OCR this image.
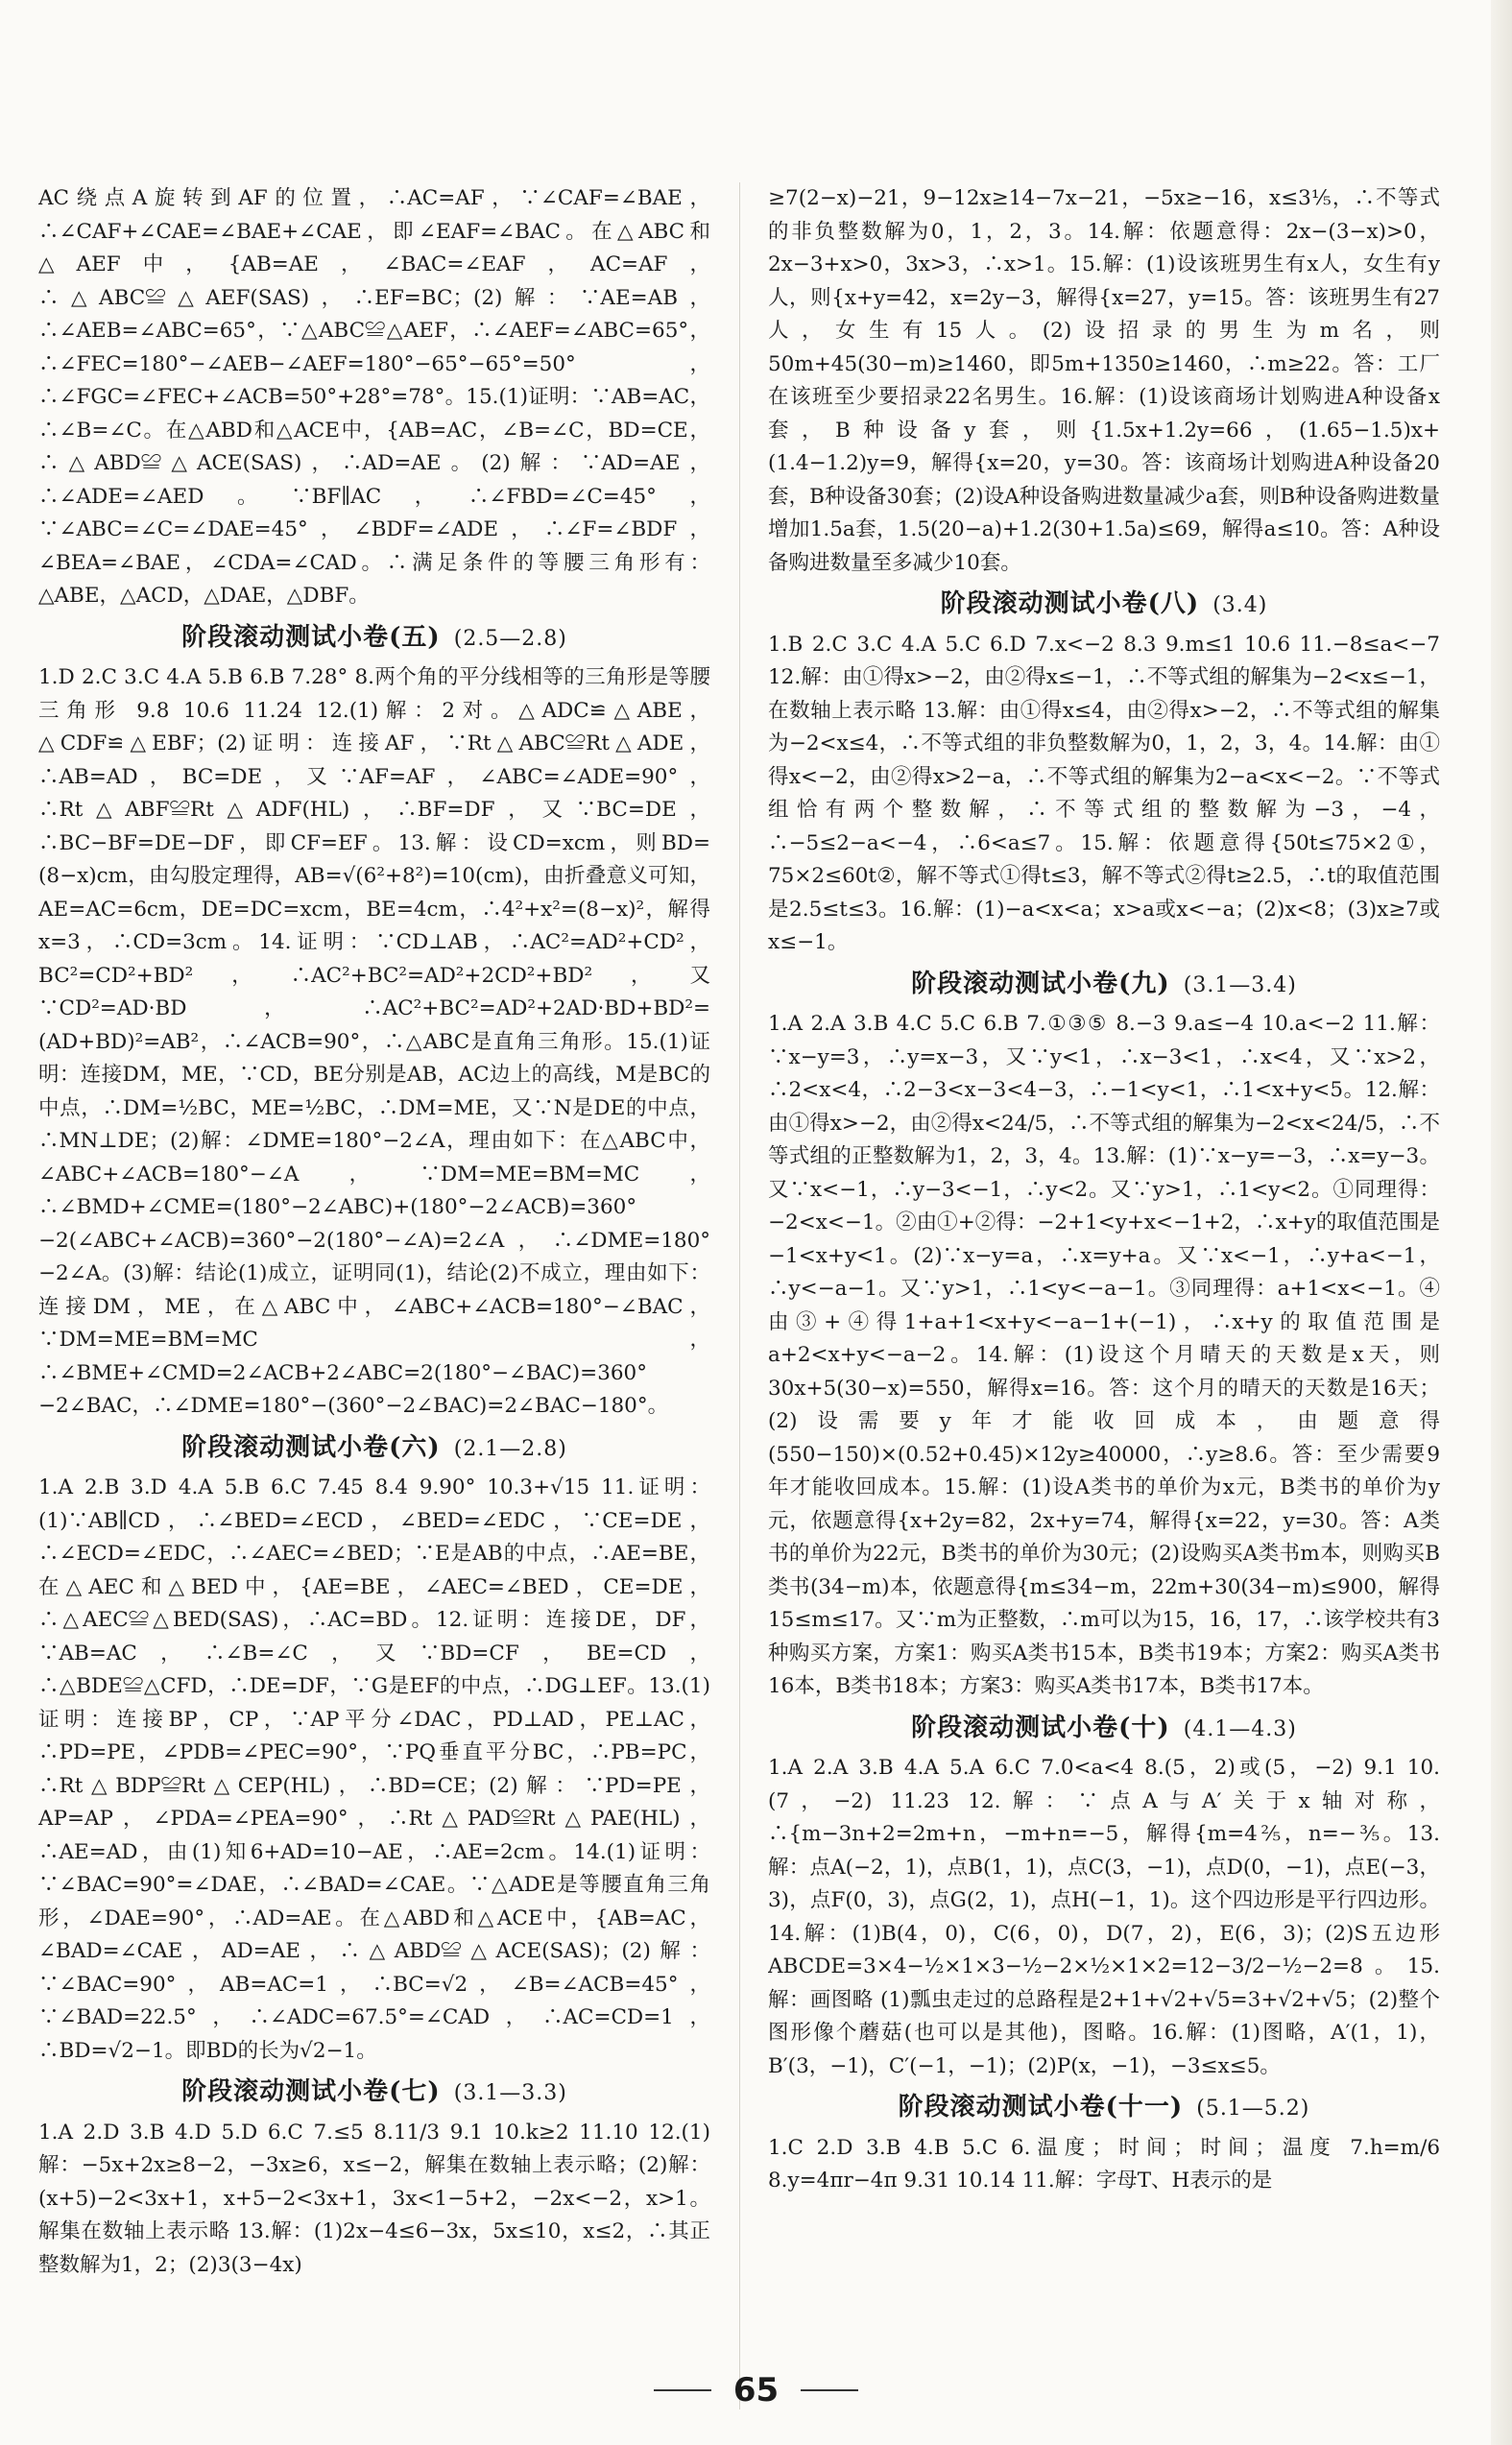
AC绕点A旋转到AF的位置，∴AC=AF，∵∠CAF=∠BAE，∴∠CAF+∠CAE=∠BAE+∠CAE，即∠EAF=∠BAC。在△ABC和△AEF中，{AB=AE，∠BAC=∠EAF，AC=AF，∴△ABC≌△AEF(SAS)，∴EF=BC；(2)解：∵AE=AB，∴∠AEB=∠ABC=65°，∵△ABC≌△AEF，∴∠AEF=∠ABC=65°，∴∠FEC=180°−∠AEB−∠AEF=180°−65°−65°=50°，∴∠FGC=∠FEC+∠ACB=50°+28°=78°。15.(1)证明：∵AB=AC，∴∠B=∠C。在△ABD和△ACE中，{AB=AC，∠B=∠C，BD=CE，∴△ABD≌△ACE(SAS)，∴AD=AE。(2)解：∵AD=AE，∴∠ADE=∠AED。∵BF∥AC，∴∠FBD=∠C=45°，∵∠ABC=∠C=∠DAE=45°，∠BDF=∠ADE，∴∠F=∠BDF，∠BEA=∠BAE，∠CDA=∠CAD。∴满足条件的等腰三角形有：△ABE，△ACD，△DAE，△DBF。

阶段滚动测试小卷(五) (2.5—2.8)

1.D 2.C 3.C 4.A 5.B 6.B 7.28° 8.两个角的平分线相等的三角形是等腰三角形 9.8 10.6 11.24 12.(1)解：2对。△ADC≌△ABE，△CDF≌△EBF；(2)证明：连接AF，∵Rt△ABC≌Rt△ADE，∴AB=AD，BC=DE，又∵AF=AF，∠ABC=∠ADE=90°，∴Rt△ABF≌Rt△ADF(HL)，∴BF=DF，又∵BC=DE，∴BC−BF=DE−DF，即CF=EF。13.解：设CD=xcm，则BD=(8−x)cm，由勾股定理得，AB=√(6²+8²)=10(cm)，由折叠意义可知，AE=AC=6cm，DE=DC=xcm，BE=4cm，∴4²+x²=(8−x)²，解得x=3，∴CD=3cm。14.证明：∵CD⊥AB，∴AC²=AD²+CD²，BC²=CD²+BD²，∴AC²+BC²=AD²+2CD²+BD²，又∵CD²=AD·BD，∴AC²+BC²=AD²+2AD·BD+BD²=(AD+BD)²=AB²，∴∠ACB=90°，∴△ABC是直角三角形。15.(1)证明：连接DM，ME，∵CD，BE分别是AB，AC边上的高线，M是BC的中点，∴DM=½BC，ME=½BC，∴DM=ME，又∵N是DE的中点，∴MN⊥DE；(2)解：∠DME=180°−2∠A，理由如下：在△ABC中，∠ABC+∠ACB=180°−∠A，∵DM=ME=BM=MC，∴∠BMD+∠CME=(180°−2∠ABC)+(180°−2∠ACB)=360°−2(∠ABC+∠ACB)=360°−2(180°−∠A)=2∠A，∴∠DME=180°−2∠A。(3)解：结论(1)成立，证明同(1)，结论(2)不成立，理由如下：连接DM，ME，在△ABC中，∠ABC+∠ACB=180°−∠BAC，∵DM=ME=BM=MC，∴∠BME+∠CMD=2∠ACB+2∠ABC=2(180°−∠BAC)=360°−2∠BAC，∴∠DME=180°−(360°−2∠BAC)=2∠BAC−180°。

阶段滚动测试小卷(六) (2.1—2.8)

1.A 2.B 3.D 4.A 5.B 6.C 7.45 8.4 9.90° 10.3+√15 11.证明：(1)∵AB∥CD，∴∠BED=∠ECD，∠BED=∠EDC，∵CE=DE，∴∠ECD=∠EDC，∴∠AEC=∠BED；∵E是AB的中点，∴AE=BE，在△AEC和△BED中，{AE=BE，∠AEC=∠BED，CE=DE，∴△AEC≌△BED(SAS)，∴AC=BD。12.证明：连接DE，DF，∵AB=AC，∴∠B=∠C，又∵BD=CF，BE=CD，∴△BDE≌△CFD，∴DE=DF，∵G是EF的中点，∴DG⊥EF。13.(1)证明：连接BP，CP，∵AP平分∠DAC，PD⊥AD，PE⊥AC，∴PD=PE，∠PDB=∠PEC=90°，∵PQ垂直平分BC，∴PB=PC，∴Rt△BDP≌Rt△CEP(HL)，∴BD=CE；(2)解：∵PD=PE，AP=AP，∠PDA=∠PEA=90°，∴Rt△PAD≌Rt△PAE(HL)，∴AE=AD，由(1)知6+AD=10−AE，∴AE=2cm。14.(1)证明：∵∠BAC=90°=∠DAE，∴∠BAD=∠CAE。∵△ADE是等腰直角三角形，∠DAE=90°，∴AD=AE。在△ABD和△ACE中，{AB=AC，∠BAD=∠CAE，AD=AE，∴△ABD≌△ACE(SAS)；(2)解：∵∠BAC=90°，AB=AC=1，∴BC=√2，∠B=∠ACB=45°，∵∠BAD=22.5°，∴∠ADC=67.5°=∠CAD，∴AC=CD=1，∴BD=√2−1。即BD的长为√2−1。

阶段滚动测试小卷(七) (3.1—3.3)

1.A 2.D 3.B 4.D 5.D 6.C 7.≤5 8.11/3 9.1 10.k≥2 11.10 12.(1)解：−5x+2x≥8−2，−3x≥6，x≤−2，解集在数轴上表示略；(2)解：(x+5)−2<3x+1，x+5−2<3x+1，3x<1−5+2，−2x<−2，x>1。解集在数轴上表示略 13.解：(1)2x−4≤6−3x，5x≤10，x≤2，∴其正整数解为1，2；(2)3(3−4x)

≥7(2−x)−21，9−12x≥14−7x−21，−5x≥−16，x≤3⅕，∴不等式的非负整数解为0，1，2，3。14.解：依题意得：2x−(3−x)>0，2x−3+x>0，3x>3，∴x>1。15.解：(1)设该班男生有x人，女生有y人，则{x+y=42，x=2y−3，解得{x=27，y=15。答：该班男生有27人，女生有15人。(2)设招录的男生为m名，则50m+45(30−m)≥1460，即5m+1350≥1460，∴m≥22。答：工厂在该班至少要招录22名男生。16.解：(1)设该商场计划购进A种设备x套，B种设备y套，则{1.5x+1.2y=66，(1.65−1.5)x+(1.4−1.2)y=9，解得{x=20，y=30。答：该商场计划购进A种设备20套，B种设备30套；(2)设A种设备购进数量减少a套，则B种设备购进数量增加1.5a套，1.5(20−a)+1.2(30+1.5a)≤69，解得a≤10。答：A种设备购进数量至多减少10套。

阶段滚动测试小卷(八) (3.4)

1.B 2.C 3.C 4.A 5.C 6.D 7.x<−2 8.3 9.m≤1 10.6 11.−8≤a<−7 12.解：由①得x>−2，由②得x≤−1，∴不等式组的解集为−2<x≤−1，在数轴上表示略 13.解：由①得x≤4，由②得x>−2，∴不等式组的解集为−2<x≤4，∴不等式组的非负整数解为0，1，2，3，4。14.解：由①得x<−2，由②得x>2−a，∴不等式组的解集为2−a<x<−2。∵不等式组恰有两个整数解，∴不等式组的整数解为−3，−4，∴−5≤2−a<−4，∴6<a≤7。15.解：依题意得{50t≤75×2①，75×2≤60t②，解不等式①得t≤3，解不等式②得t≥2.5，∴t的取值范围是2.5≤t≤3。16.解：(1)−a<x<a；x>a或x<−a；(2)x<8；(3)x≥7或x≤−1。

阶段滚动测试小卷(九) (3.1—3.4)

1.A 2.A 3.B 4.C 5.C 6.B 7.①③⑤ 8.−3 9.a≤−4 10.a<−2 11.解：∵x−y=3，∴y=x−3，又∵y<1，∴x−3<1，∴x<4，又∵x>2，∴2<x<4，∴2−3<x−3<4−3，∴−1<y<1，∴1<x+y<5。12.解：由①得x>−2，由②得x<24/5，∴不等式组的解集为−2<x<24/5，∴不等式组的正整数解为1，2，3，4。13.解：(1)∵x−y=−3，∴x=y−3。又∵x<−1，∴y−3<−1，∴y<2。又∵y>1，∴1<y<2。①同理得：−2<x<−1。②由①+②得：−2+1<y+x<−1+2，∴x+y的取值范围是−1<x+y<1。(2)∵x−y=a，∴x=y+a。又∵x<−1，∴y+a<−1，∴y<−a−1。又∵y>1，∴1<y<−a−1。③同理得：a+1<x<−1。④由③+④得1+a+1<x+y<−a−1+(−1)，∴x+y的取值范围是a+2<x+y<−a−2。14.解：(1)设这个月晴天的天数是x天，则30x+5(30−x)=550，解得x=16。答：这个月的晴天的天数是16天；(2)设需要y年才能收回成本，由题意得(550−150)×(0.52+0.45)×12y≥40000，∴y≥8.6。答：至少需要9年才能收回成本。15.解：(1)设A类书的单价为x元，B类书的单价为y元，依题意得{x+2y=82，2x+y=74，解得{x=22，y=30。答：A类书的单价为22元，B类书的单价为30元；(2)设购买A类书m本，则购买B类书(34−m)本，依题意得{m≤34−m，22m+30(34−m)≤900，解得15≤m≤17。又∵m为正整数，∴m可以为15，16，17，∴该学校共有3种购买方案，方案1：购买A类书15本，B类书19本；方案2：购买A类书16本，B类书18本；方案3：购买A类书17本，B类书17本。

阶段滚动测试小卷(十) (4.1—4.3)

1.A 2.A 3.B 4.A 5.A 6.C 7.0<a<4 8.(5，2)或(5，−2) 9.1 10.(7，−2) 11.23 12.解：∵点A与A′关于x轴对称，∴{m−3n+2=2m+n，−m+n=−5，解得{m=4⅖，n=−⅗。13.解：点A(−2，1)，点B(1，1)，点C(3，−1)，点D(0，−1)，点E(−3，3)，点F(0，3)，点G(2，1)，点H(−1，1)。这个四边形是平行四边形。14.解：(1)B(4，0)，C(6，0)，D(7，2)，E(6，3)；(2)S五边形ABCDE=3×4−½×1×3−½−2×½×1×2=12−3/2−½−2=8。15.解：画图略 (1)瓢虫走过的总路程是2+1+√2+√5=3+√2+√5；(2)整个图形像个蘑菇(也可以是其他)，图略。16.解：(1)图略，A′(1，1)，B′(3，−1)，C′(−1，−1)；(2)P(x，−1)，−3≤x≤5。

阶段滚动测试小卷(十一) (5.1—5.2)

1.C 2.D 3.B 4.B 5.C 6.温度；时间；时间；温度 7.h=m/6 8.y=4πr−4π 9.31 10.14 11.解：字母T、H表示的是

65
